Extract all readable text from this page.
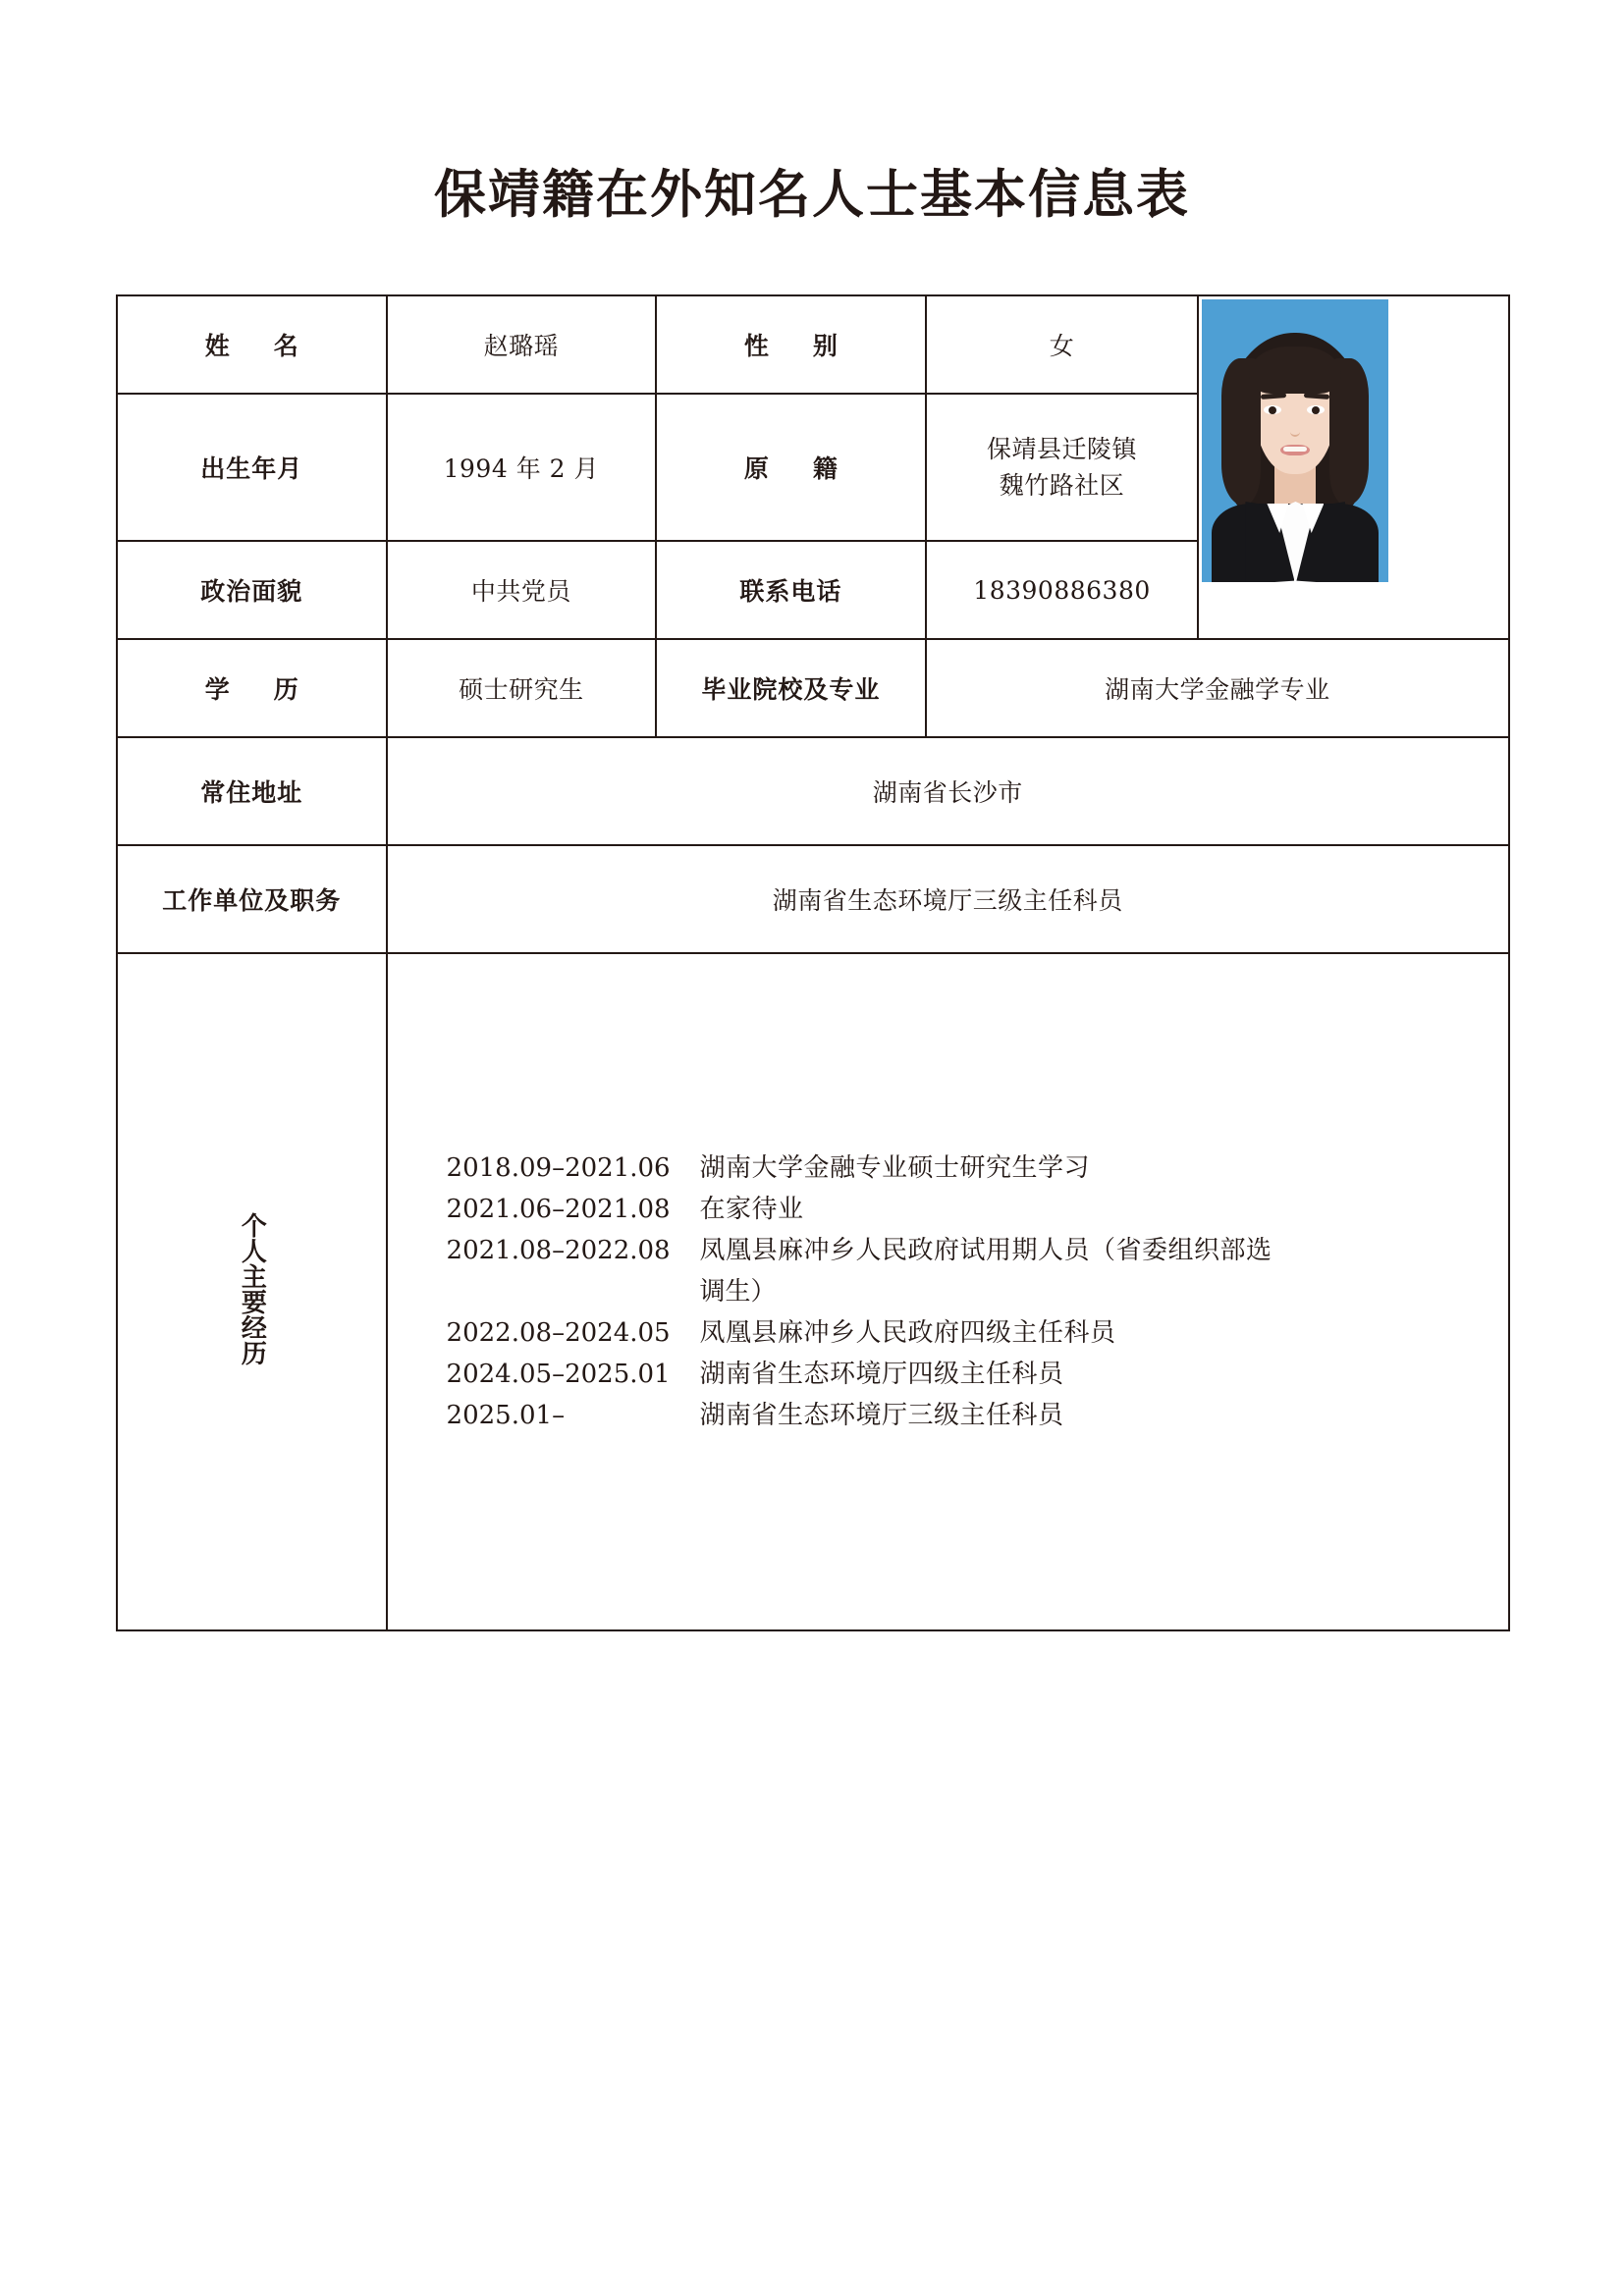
保靖籍在外知名人士基本信息表
姓　名	赵璐瑶	性　别	女	

出生年月	1994 年 2 月	原　籍	保靖县迁陵镇
魏竹路社区	

政治面貌	中共党员	联系电话	18390886380	
学　历	硕士研究生	毕业院校及专业	湖南大学金融学专业	
常住地址	湖南省长沙市			
工作单位及职务	湖南省生态环境厅三级主任科员			
个人主要经历	
2018.09–2021.06	湖南大学金融专业硕士研究生学习
2021.06–2021.08	在家待业
2021.08–2022.08	凤凰县麻冲乡人民政府试用期人员（省委组织部选
调生）
2022.08–2024.05	凤凰县麻冲乡人民政府四级主任科员
2024.05–2025.01	湖南省生态环境厅四级主任科员
2025.01–	湖南省生态环境厅三级主任科员
